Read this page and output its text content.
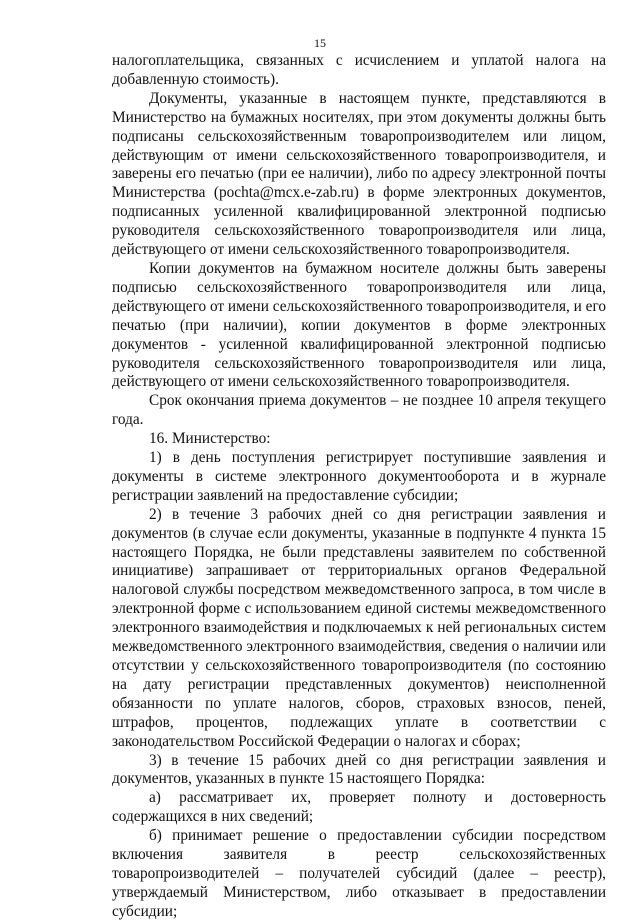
15

налогоплательщика, связанных с исчислением и уплатой налога на добавленную стоимость).

Документы, указанные в настоящем пункте, представляются в Министерство на бумажных носителях, при этом документы должны быть подписаны сельскохозяйственным товаропроизводителем или лицом, действующим от имени сельскохозяйственного товаропроизводителя, и заверены его печатью (при ее наличии), либо по адресу электронной почты Министерства (pochta@mcx.e-zab.ru) в форме электронных документов, подписанных усиленной квалифицированной электронной подписью руководителя сельскохозяйственного товаропроизводителя или лица, действующего от имени сельскохозяйственного товаропроизводителя.

Копии документов на бумажном носителе должны быть заверены подписью сельскохозяйственного товаропроизводителя или лица, действующего от имени сельскохозяйственного товаропроизводителя, и его печатью (при наличии), копии документов в форме электронных документов - усиленной квалифицированной электронной подписью руководителя сельскохозяйственного товаропроизводителя или лица, действующего от имени сельскохозяйственного товаропроизводителя.

Срок окончания приема документов – не позднее 10 апреля текущего года.

16. Министерство:

1) в день поступления регистрирует поступившие заявления и документы в системе электронного документооборота и в журнале регистрации заявлений на предоставление субсидии;

2) в течение 3 рабочих дней со дня регистрации заявления и документов (в случае если документы, указанные в подпункте 4 пункта 15 настоящего Порядка, не были представлены заявителем по собственной инициативе) запрашивает от территориальных органов Федеральной налоговой службы посредством межведомственного запроса, в том числе в электронной форме с использованием единой системы межведомственного электронного взаимодействия и подключаемых к ней региональных систем межведомственного электронного взаимодействия, сведения о наличии или отсутствии у сельскохозяйственного товаропроизводителя (по состоянию на дату регистрации представленных документов) неисполненной обязанности по уплате налогов, сборов, страховых взносов, пеней, штрафов, процентов, подлежащих уплате в соответствии с законодательством Российской Федерации о налогах и сборах;

3) в течение 15 рабочих дней со дня регистрации заявления и документов, указанных в пункте 15 настоящего Порядка:

а) рассматривает их, проверяет полноту и достоверность содержащихся в них сведений;

б) принимает решение о предоставлении субсидии посредством включения заявителя в реестр сельскохозяйственных товаропроизводителей – получателей субсидий (далее – реестр), утверждаемый Министерством, либо отказывает в предоставлении субсидии;
